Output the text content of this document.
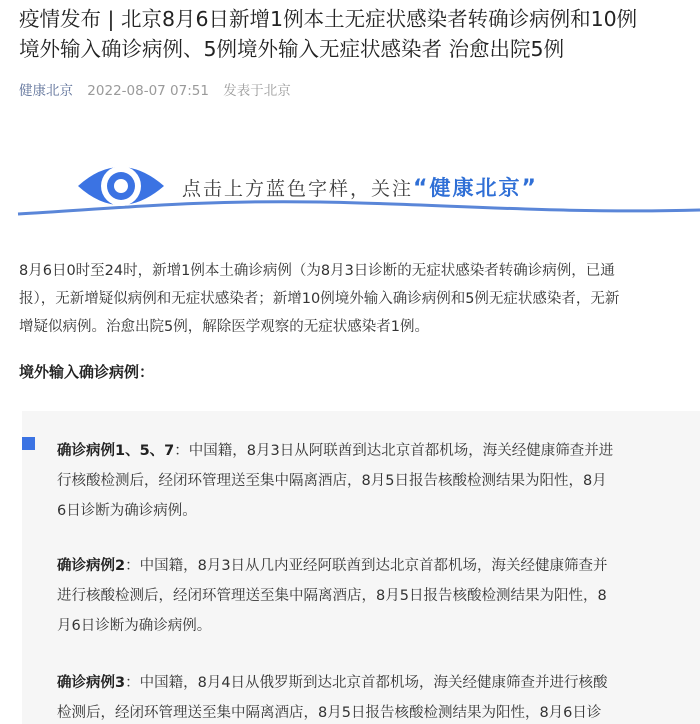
疫情发布 | 北京8月6日新增1例本土无症状感染者转确诊病例和10例
境外输入确诊病例、5例境外输入无症状感染者 治愈出院5例
健康北京 2022-08-07 07:51 发表于北京
点击上方蓝色字样，关注“健康北京”
8月6日0时至24时，新增1例本土确诊病例（为8月3日诊断的无症状感染者转确诊病例，已通
报），无新增疑似病例和无症状感染者；新增10例境外输入确诊病例和5例无症状感染者，无新
增疑似病例。治愈出院5例，解除医学观察的无症状感染者1例。
境外输入确诊病例：
确诊病例1、5、7：中国籍，8月3日从阿联酋到达北京首都机场，海关经健康筛查并进
行核酸检测后，经闭环管理送至集中隔离酒店，8月5日报告核酸检测结果为阳性，8月
6日诊断为确诊病例。
确诊病例2：中国籍，8月3日从几内亚经阿联酋到达北京首都机场，海关经健康筛查并
进行核酸检测后，经闭环管理送至集中隔离酒店，8月5日报告核酸检测结果为阳性，8
月6日诊断为确诊病例。
确诊病例3：中国籍，8月4日从俄罗斯到达北京首都机场，海关经健康筛查并进行核酸
检测后，经闭环管理送至集中隔离酒店，8月5日报告核酸检测结果为阳性，8月6日诊
